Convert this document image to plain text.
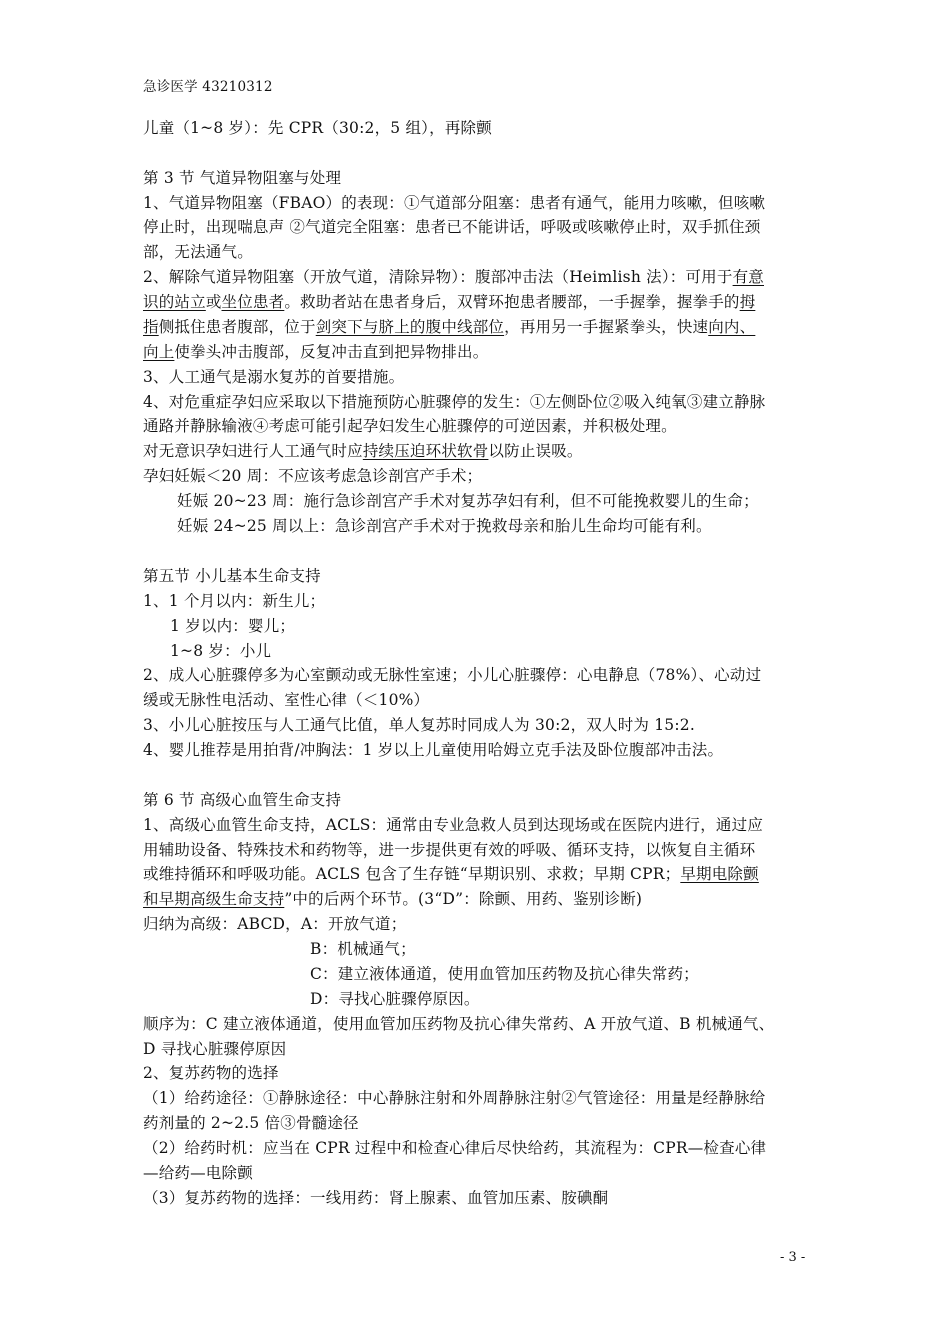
急诊医学 43210312
儿童（1~8 岁）：先 CPR（30:2，5 组），再除颤
第 3 节 气道异物阻塞与处理
1、气道异物阻塞（FBAO）的表现：①气道部分阻塞：患者有通气，能用力咳嗽，但咳嗽
停止时，出现喘息声 ②气道完全阻塞：患者已不能讲话，呼吸或咳嗽停止时，双手抓住颈
部，无法通气。
2、解除气道异物阻塞（开放气道，清除异物）：腹部冲击法（Heimlish 法）：可用于有意
识的站立或坐位患者。救助者站在患者身后，双臂环抱患者腰部，一手握拳，握拳手的拇
指侧抵住患者腹部，位于剑突下与脐上的腹中线部位，再用另一手握紧拳头，快速向内、
向上使拳头冲击腹部，反复冲击直到把异物排出。
3、人工通气是溺水复苏的首要措施。
4、对危重症孕妇应采取以下措施预防心脏骤停的发生：①左侧卧位②吸入纯氧③建立静脉
通路并静脉输液④考虑可能引起孕妇发生心脏骤停的可逆因素，并积极处理。
对无意识孕妇进行人工通气时应持续压迫环状软骨以防止误吸。
孕妇妊娠＜20 周：不应该考虑急诊剖宫产手术；
妊娠 20~23 周：施行急诊剖宫产手术对复苏孕妇有利，但不可能挽救婴儿的生命；
妊娠 24~25 周以上：急诊剖宫产手术对于挽救母亲和胎儿生命均可能有利。
第五节 小儿基本生命支持
1、1 个月以内：新生儿；
1 岁以内：婴儿；
1~8 岁：小儿
2、成人心脏骤停多为心室颤动或无脉性室速；小儿心脏骤停：心电静息（78%）、心动过
缓或无脉性电活动、室性心律（＜10%）
3、小儿心脏按压与人工通气比值，单人复苏时同成人为 30:2，双人时为 15:2.
4、婴儿推荐是用拍背/冲胸法：1 岁以上儿童使用哈姆立克手法及卧位腹部冲击法。
第 6 节 高级心血管生命支持
1、高级心血管生命支持，ACLS：通常由专业急救人员到达现场或在医院内进行，通过应
用辅助设备、特殊技术和药物等，进一步提供更有效的呼吸、循环支持，以恢复自主循环
或维持循环和呼吸功能。ACLS 包含了生存链“早期识别、求救；早期 CPR；早期电除颤
和早期高级生命支持”中的后两个环节。(3“D”：除颤、用药、鉴别诊断)
归纳为高级：ABCD，A：开放气道；
B：机械通气；
C：建立液体通道，使用血管加压药物及抗心律失常药；
D：寻找心脏骤停原因。
顺序为：C 建立液体通道，使用血管加压药物及抗心律失常药、A 开放气道、B 机械通气、
D 寻找心脏骤停原因
2、复苏药物的选择
（1）给药途径：①静脉途径：中心静脉注射和外周静脉注射②气管途径：用量是经静脉给
药剂量的 2~2.5 倍③骨髓途径
（2）给药时机：应当在 CPR 过程中和检查心律后尽快给药，其流程为：CPR—检查心律
—给药—电除颤
（3）复苏药物的选择：一线用药：肾上腺素、血管加压素、胺碘酮
- 3 -
